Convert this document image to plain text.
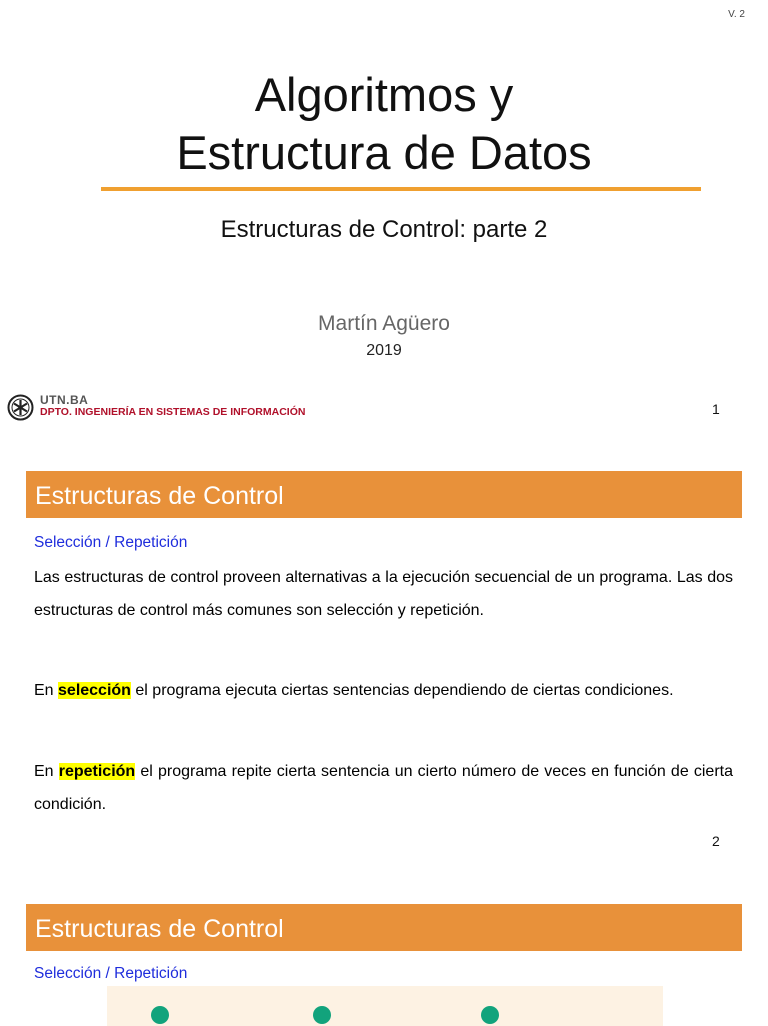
V. 2
Algoritmos y
Estructura de Datos
Estructuras de Control: parte 2
Martín Agüero
2019
UTN.BA
DPTO. INGENIERÍA EN SISTEMAS DE INFORMACIÓN	1
Estructuras de Control
Selección / Repetición
Las estructuras de control proveen alternativas a la ejecución secuencial de un programa. Las dos estructuras de control más comunes son selección y repetición.
En selección el programa ejecuta ciertas sentencias dependiendo de ciertas condiciones.
En repetición el programa repite cierta sentencia un cierto número de veces en función de cierta condición.
2
Estructuras de Control
Selección / Repetición
